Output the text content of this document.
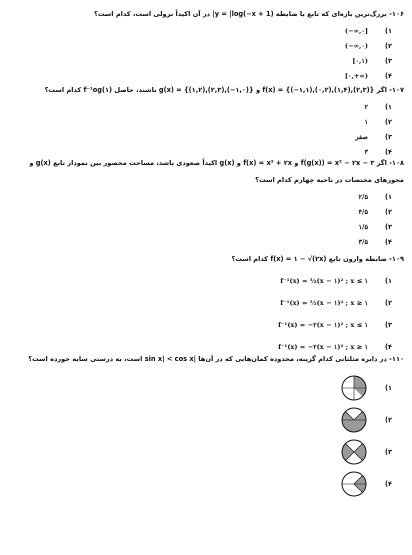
۱۰۶- بزرگ‌ترین بازه‌ای که تابع با ضابطه y = |log(−x + 1)| در آن اکیداً نزولی است، کدام است؟
۱)
(−∞,۰]
۲)
(−∞,۰)
۳)
[۰,۱)
۴)
[۰,+∞)
۱۰۷- اگر f(x) = {(−۱,۱),(۰,۲),(۱,۴),(۲,۳)} و g(x) = {(۱,۲),(۲,۳),(−۱,۰)} باشند، حاصل f⁻¹og(۱) کدام است؟
۱)
۲
۲)
۱
۳)
صفر
۴)
۳
۱۰۸- اگر f(g(x)) = x² − ۲x − ۳ و f(x) = x² + ۲x و g(x) اکیداً صعودی باشد، مساحت محصور بین نمودار تابع g(x) و
محورهای مختصات در ناحیه چهارم کدام است؟
۱)
۲/۵
۲)
۴/۵
۳)
۱/۵
۴)
۳/۵
۱۰۹- ضابطه وارون تابع f(x) = ۱ − √(۲x) کدام است؟
۱)
f⁻¹(x) = ½(x − ۱)² ; x ≤ ۱
۲)
f⁻¹(x) = ½(x − ۱)² ; x ≥ ۱
۳)
f⁻¹(x) = −۲(x − ۱)² ; x ≤ ۱
۴)
f⁻¹(x) = −۲(x − ۱)² ; x ≥ ۱
۱۱۰- در دایره مثلثاتی کدام گزینه، محدوده کمان‌هایی که در آن‌ها |sin x| < cos x است، به درستی سایه خورده است؟
۱)
۲)
۳)
۴)
